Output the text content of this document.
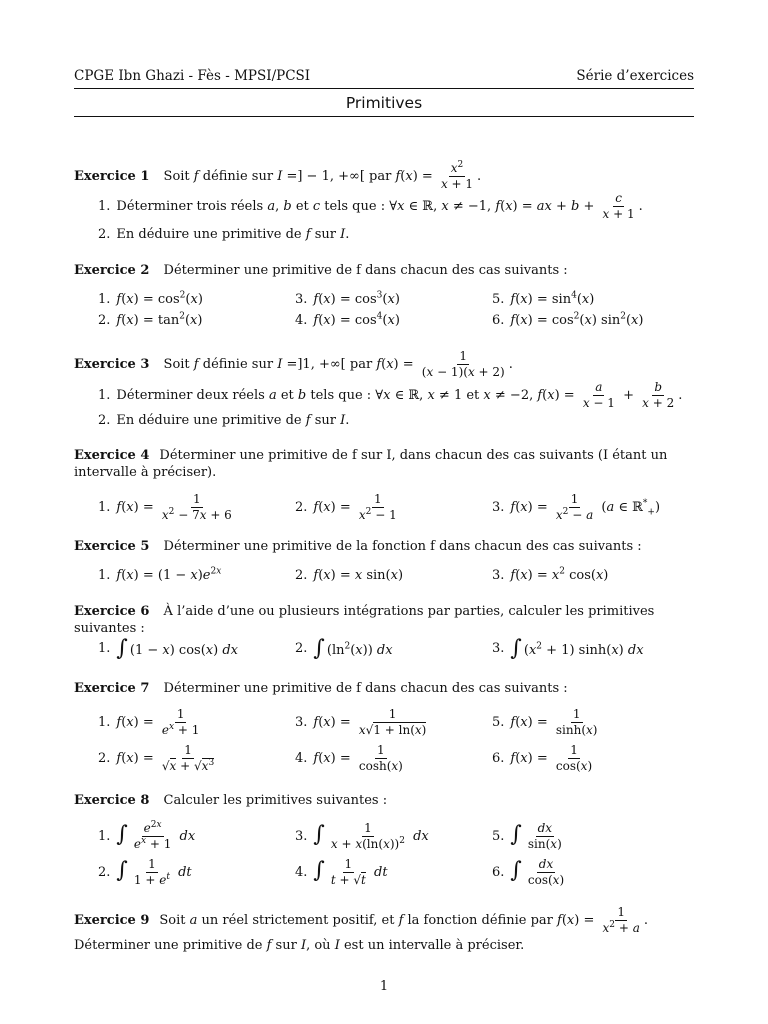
CPGE Ibn Ghazi - Fès - MPSI/PCSI	Série d’exercices
Primitives
Exercice 1 Soit f définie sur I =] − 1, +∞[ par $f(x) = \frac{x^2}{x + 1}$ .
1. Déterminer trois réels a, b et c tels que : ∀x ∈ ℝ, x ≠ −1, f(x) = ax + $b + \frac{c}{x + 1}$ .
2. En déduire une primitive de f sur I.
Exercice 2 Déterminer une primitive de f dans chacun des cas suivants :
1. $f(x) = \cos^2(x)$	3. $f(x) = \cos^3(x)$	5. $f(x) = \sin^4(x)$
2. $f(x) = \tan^2(x)$	4. $f(x) = \cos^4(x)$	6. $f(x) = \cos^2(x)$ $\sin^2(x)$
Exercice 3 Soit f définie sur I =]1, +∞[ par $f(x) = \frac{1}{(x - 1)(x + 2)}$ .
1. Déterminer deux réels a et b tels que : ∀x ∈ ℝ, x ≠ 1 et x ≠ −2, $f(x) = \frac{a}{x - 1} + \frac{b}{x + 2}$ .
2. En déduire une primitive de f sur I.
Exercice 4 Déterminer une primitive de f sur I, dans chacun des cas suivants (I étant un intervalle à préciser).
1. $f(x) = \frac{1}{x^2 - 7x + 6}$	2. $f(x) = \frac{1}{x^2 - 1}$	3. $f(x) = \frac{1}{x^2 - a} (a$ ∈ ℝ*$_+$)
Exercice 5 Déterminer une primitive de la fonction f dans chacun des cas suivants :
1. $f(x) = (1 - x)e^{2x}$	2. f(x) = x sin(x)	3. $f(x) = x^2$ cos(x)
Exercice 6 À l’aide d’une ou plusieurs intégrations par parties, calculer les primitives suivantes :
1. ∫ (1 − x) cos(x) dx	2. ∫ $(\ln^2(x))$ dx	3. ∫ $(x^2 + 1)$ sinh(x) dx
Exercice 7 Déterminer une primitive de f dans chacun des cas suivants :
1. $f(x) = \frac{1}{e^x + 1}$	3. $f(x) = \frac{1}{x√1 + \ln(x)}$	5. $f(x) = \frac{1}{\sinh(x)}$
2. $f(x) = \frac{1}{√x + √x^3}$	4. $f(x) = \frac{1}{\cosh(x)}$	6. $f(x) = \frac{1}{\cos(x)}$
Exercice 8 Calculer les primitives suivantes :
1. ∫ $\frac{e^{2x}}{e^x + 1}$ dx	3. ∫ $\frac{1}{x + x(\ln(x))^2}$ dx	5. ∫ $\frac{dx}{\sin(x)}$
2. ∫ $\frac{1}{1 + e^t}$ dt	4. ∫ $\frac{1}{t + √t}$ dt	6. ∫ $\frac{dx}{\cos(x)}$
Exercice 9 Soit a un réel strictement positif, et f la fonction définie par $f(x) = \frac{1}{x^2 + a}$ . Déterminer une primitive de f sur I, où I est un intervalle à préciser.
1
